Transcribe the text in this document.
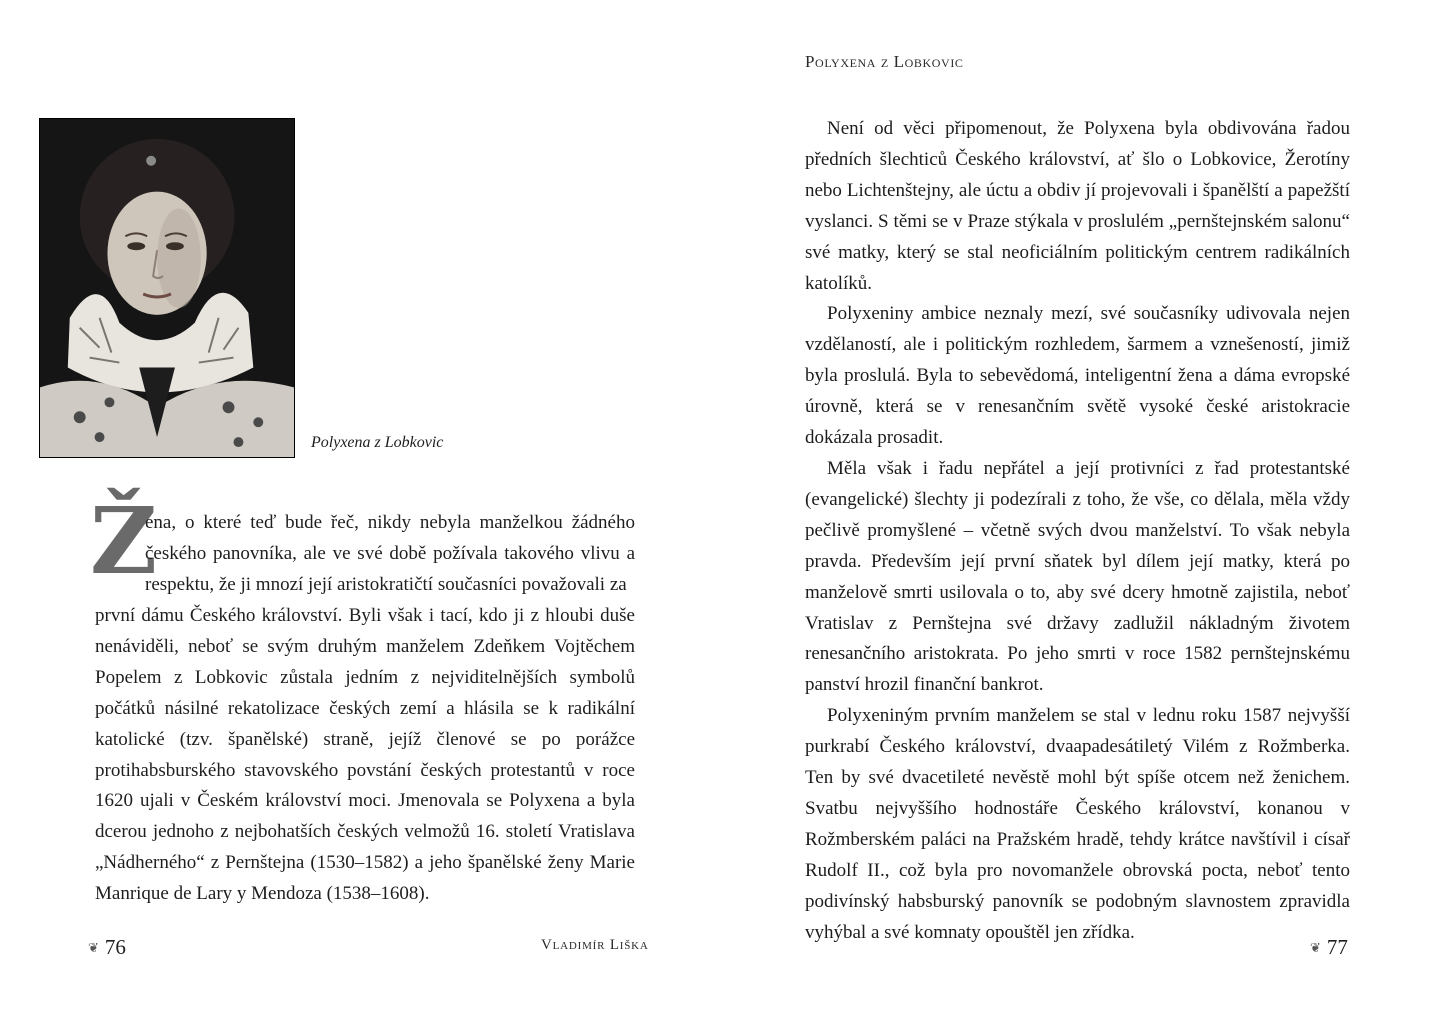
Polyxena z Lobkovic
Ž
ena, o které teď bude řeč, nikdy nebyla manželkou žádného českého panovníka, ale ve své době požívala takového vlivu a respektu, že ji mnozí její aristokratičtí současníci považovali za
první dámu Českého království. Byli však i tací, kdo ji z hloubi duše nenáviděli, neboť se svým druhým manželem Zdeňkem Vojtěchem Popelem z Lobkovic zůstala jedním z nejviditelnějších symbolů počátků násilné rekatolizace českých zemí a hlásila se k radikální katolické (tzv. španělské) straně, jejíž členové se po porážce protihabsburského stavovského povstání českých protestantů v roce 1620 ujali v Českém království moci. Jmenovala se Polyxena a byla dcerou jednoho z nejbohatších českých velmožů 16. století Vratislava „Nádherného“ z Pernštejna (1530–1582) a jeho španělské ženy Marie Manrique de Lary y Mendoza (1538–1608).
❦ 76	Vladimír Liška
Polyxena z Lobkovic

Není od věci připomenout, že Polyxena byla obdivována řadou předních šlechticů Českého království, ať šlo o Lobkovice, Žerotíny nebo Lichtenštejny, ale úctu a obdiv jí projevovali i španělští a papežští vyslanci. S těmi se v Praze stýkala v proslulém „pernštejnském salonu“ své matky, který se stal neoficiálním politickým centrem radikálních katolíků.

Polyxeniny ambice neznaly mezí, své současníky udivovala nejen vzdělaností, ale i politickým rozhledem, šarmem a vznešeností, jimiž byla proslulá. Byla to sebevědomá, inteligentní žena a dáma evropské úrovně, která se v renesančním světě vysoké české aristokracie dokázala prosadit.

Měla však i řadu nepřátel a její protivníci z řad protestantské (evangelické) šlechty ji podezírali z toho, že vše, co dělala, měla vždy pečlivě promyšlené – včetně svých dvou manželství. To však nebyla pravda. Především její první sňatek byl dílem její matky, která po manželově smrti usilovala o to, aby své dcery hmotně zajistila, neboť Vratislav z Pernštejna své državy zadlužil nákladným životem renesančního aristokrata. Po jeho smrti v roce 1582 pernštejnskému panství hrozil finanční bankrot.

Polyxeniným prvním manželem se stal v lednu roku 1587 nejvyšší purkrabí Českého království, dvaapadesátiletý Vilém z Rožmberka. Ten by své dvacetileté nevěstě mohl být spíše otcem než ženichem. Svatbu nejvyššího hodnostáře Českého království, konanou v Rožmberském paláci na Pražském hradě, tehdy krátce navštívil i císař Rudolf II., což byla pro novomanžele obrovská pocta, neboť tento podivínský habsburský panovník se podobným slavnostem zpravidla vyhýbal a své komnaty opouštěl jen zřídka.

❦ 77
